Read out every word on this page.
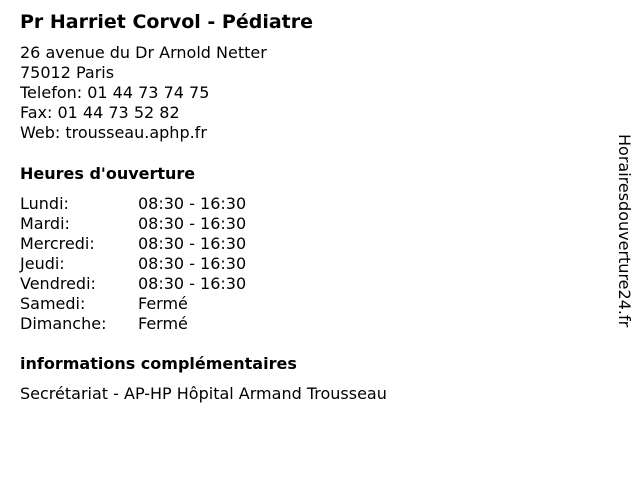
Pr Harriet Corvol - Pédiatre
26 avenue du Dr Arnold Netter
75012 Paris
Telefon: 01 44 73 74 75
Fax: 01 44 73 52 82
Web: trousseau.aphp.fr
Heures d'ouverture
Lundi:	08:30 - 16:30
Mardi:	08:30 - 16:30
Mercredi:	08:30 - 16:30
Jeudi:	08:30 - 16:30
Vendredi:	08:30 - 16:30
Samedi:	Fermé
Dimanche: Fermé
informations complémentaires
Secrétariat - AP-HP Hôpital Armand Trousseau
Horairesdouverture24.fr
